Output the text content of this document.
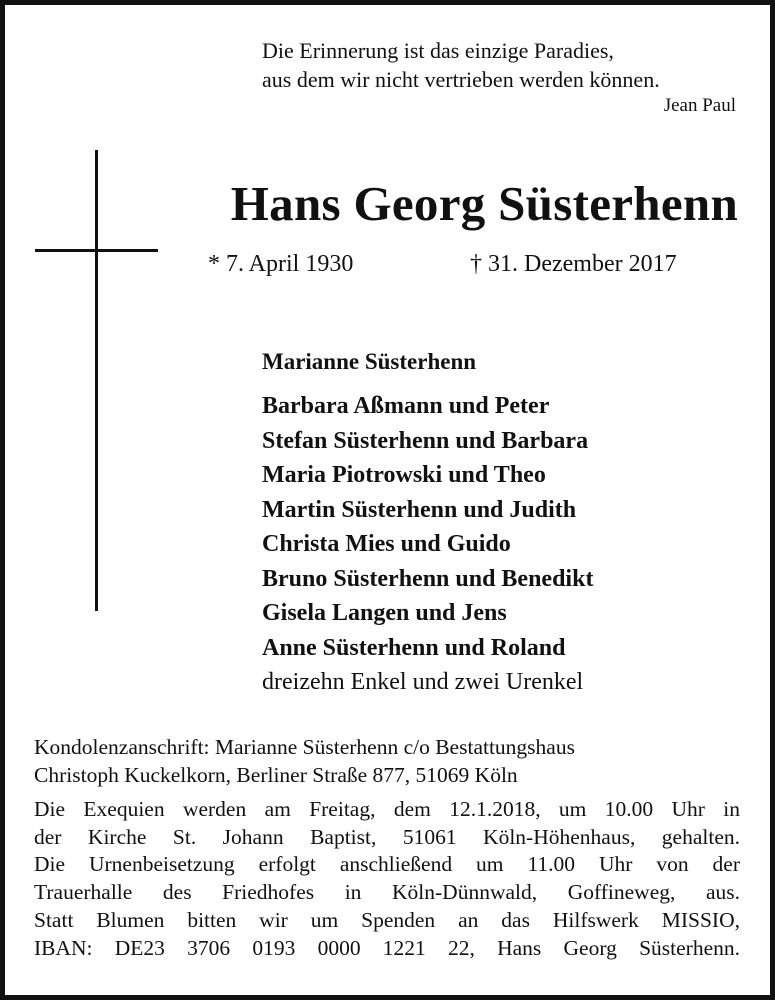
Die Erinnerung ist das einzige Paradies,
aus dem wir nicht vertrieben werden können.
Jean Paul
Hans Georg Süsterhenn
* 7. April 1930	† 31. Dezember 2017
Marianne Süsterhenn
Barbara Aßmann und Peter
Stefan Süsterhenn und Barbara
Maria Piotrowski und Theo
Martin Süsterhenn und Judith
Christa Mies und Guido
Bruno Süsterhenn und Benedikt
Gisela Langen und Jens
Anne Süsterhenn und Roland
dreizehn Enkel und zwei Urenkel
Kondolenzanschrift: Marianne Süsterhenn c/o Bestattungshaus
Christoph Kuckelkorn, Berliner Straße 877, 51069 Köln
Die Exequien werden am Freitag, dem 12.1.2018, um 10.00 Uhr in
der Kirche St. Johann Baptist, 51061 Köln-Höhenhaus, gehalten.
Die Urnenbeisetzung erfolgt anschließend um 11.00 Uhr von der
Trauerhalle des Friedhofes in Köln-Dünnwald, Goffineweg, aus.
Statt Blumen bitten wir um Spenden an das Hilfswerk MISSIO,
IBAN: DE23 3706 0193 0000 1221 22, Hans Georg Süsterhenn.
